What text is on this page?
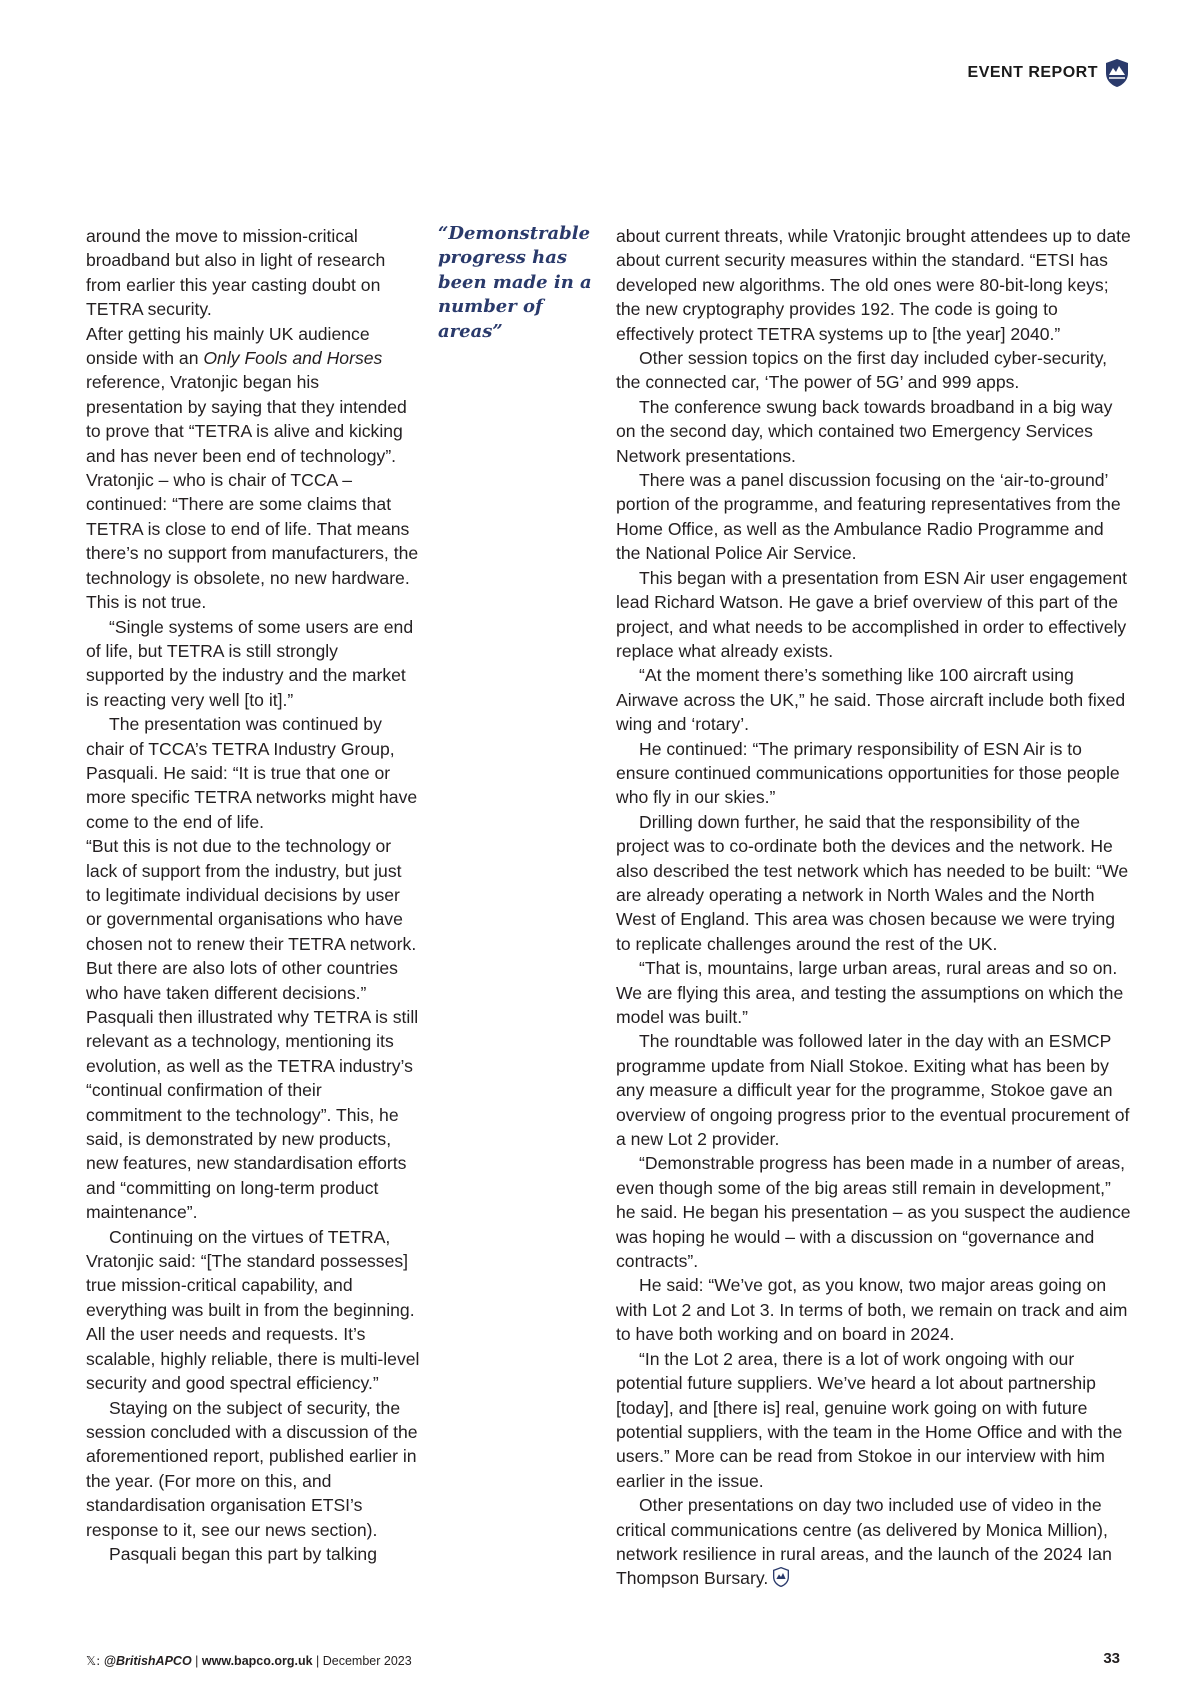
EVENT REPORT

around the move to mission-critical broadband but also in light of research from earlier this year casting doubt on TETRA security.

After getting his mainly UK audience onside with an Only Fools and Horses reference, Vratonjic began his presentation by saying that they intended to prove that “TETRA is alive and kicking and has never been end of technology”.

Vratonjic – who is chair of TCCA – continued: “There are some claims that TETRA is close to end of life. That means there’s no support from manufacturers, the technology is obsolete, no new hardware. This is not true.

“Single systems of some users are end of life, but TETRA is still strongly supported by the industry and the market is reacting very well [to it].”

The presentation was continued by chair of TCCA’s TETRA Industry Group, Pasquali. He said: “It is true that one or more specific TETRA networks might have come to the end of life.

“But this is not due to the technology or lack of support from the industry, but just to legitimate individual decisions by user or governmental organisations who have chosen not to renew their TETRA network. But there are also lots of other countries who have taken different decisions.”

Pasquali then illustrated why TETRA is still relevant as a technology, mentioning its evolution, as well as the TETRA industry’s “continual confirmation of their commitment to the technology”. This, he said, is demonstrated by new products, new features, new standardisation efforts and “committing on long-term product maintenance”.

Continuing on the virtues of TETRA, Vratonjic said: “[The standard possesses] true mission-critical capability, and everything was built in from the beginning. All the user needs and requests. It’s scalable, highly reliable, there is multi-level security and good spectral efficiency.”

Staying on the subject of security, the session concluded with a discussion of the aforementioned report, published earlier in the year. (For more on this, and standardisation organisation ETSI’s response to it, see our news section).

Pasquali began this part by talking

“Demonstrable progress has been made in a number of areas”

about current threats, while Vratonjic brought attendees up to date about current security measures within the standard. “ETSI has developed new algorithms. The old ones were 80-bit-long keys; the new cryptography provides 192. The code is going to effectively protect TETRA systems up to [the year] 2040.”

Other session topics on the first day included cyber-security, the connected car, ‘The power of 5G’ and 999 apps.

The conference swung back towards broadband in a big way on the second day, which contained two Emergency Services Network presentations.

There was a panel discussion focusing on the ‘air-to-ground’ portion of the programme, and featuring representatives from the Home Office, as well as the Ambulance Radio Programme and the National Police Air Service.

This began with a presentation from ESN Air user engagement lead Richard Watson. He gave a brief overview of this part of the project, and what needs to be accomplished in order to effectively replace what already exists.

“At the moment there’s something like 100 aircraft using Airwave across the UK,” he said. Those aircraft include both fixed wing and ‘rotary’.

He continued: “The primary responsibility of ESN Air is to ensure continued communications opportunities for those people who fly in our skies.”

Drilling down further, he said that the responsibility of the project was to co-ordinate both the devices and the network. He also described the test network which has needed to be built: “We are already operating a network in North Wales and the North West of England. This area was chosen because we were trying to replicate challenges around the rest of the UK.

“That is, mountains, large urban areas, rural areas and so on. We are flying this area, and testing the assumptions on which the model was built.”

The roundtable was followed later in the day with an ESMCP programme update from Niall Stokoe. Exiting what has been by any measure a difficult year for the programme, Stokoe gave an overview of ongoing progress prior to the eventual procurement of a new Lot 2 provider.

“Demonstrable progress has been made in a number of areas, even though some of the big areas still remain in development,” he said. He began his presentation – as you suspect the audience was hoping he would – with a discussion on “governance and contracts”.

He said: “We’ve got, as you know, two major areas going on with Lot 2 and Lot 3. In terms of both, we remain on track and aim to have both working and on board in 2024.

“In the Lot 2 area, there is a lot of work ongoing with our potential future suppliers. We’ve heard a lot about partnership [today], and [there is] real, genuine work going on with future potential suppliers, with the team in the Home Office and with the users.” More can be read from Stokoe in our interview with him earlier in the issue.

Other presentations on day two included use of video in the critical communications centre (as delivered by Monica Million), network resilience in rural areas, and the launch of the 2024 Ian Thompson Bursary.

𝕏: @BritishAPCO | www.bapco.org.uk | December 2023	33
